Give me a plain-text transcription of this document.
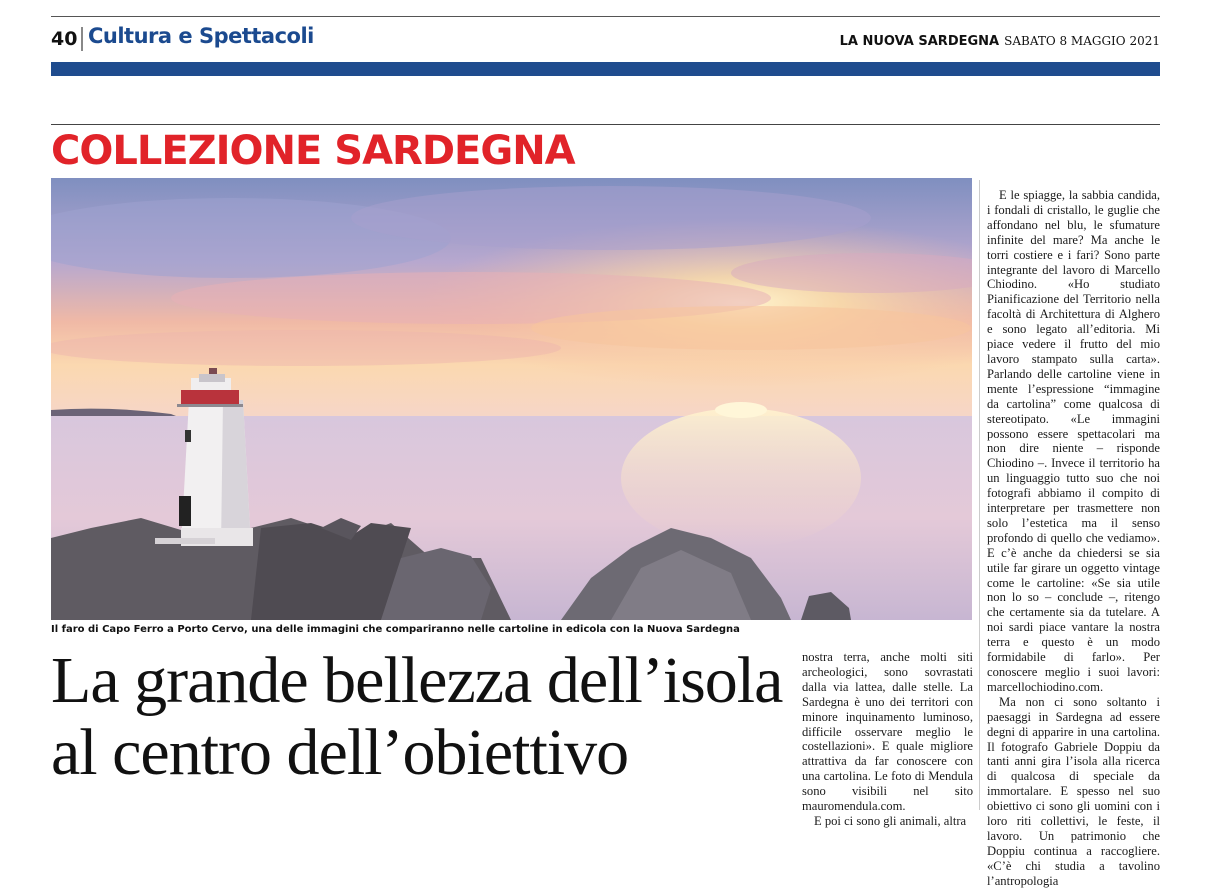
40 Cultura e Spettacoli	LA NUOVA SARDEGNA SABATO 8 MAGGIO 2021
COLLEZIONE SARDEGNA
Il faro di Capo Ferro a Porto Cervo, una delle immagini che compariranno nelle cartoline in edicola con la Nuova Sardegna
La grande bellezza dell’isola
al centro dell’obiettivo

nostra terra, anche molti siti archeologici, sono sovrastati dalla via lattea, dalle stelle. La Sardegna è uno dei territori con minore inquinamento luminoso, difficile osservare meglio le costellazioni». E quale migliore attrattiva da far conoscere con una cartolina. Le foto di Mendula sono visibili nel sito mauromendula.com.

E poi ci sono gli animali, altra

E le spiagge, la sabbia candida, i fondali di cristallo, le guglie che affondano nel blu, le sfumature infinite del mare? Ma anche le torri costiere e i fari? Sono parte integrante del lavoro di Marcello Chiodino. «Ho studiato Pianificazione del Territorio nella facoltà di Architettura di Alghero e sono legato all’editoria. Mi piace vedere il frutto del mio lavoro stampato sulla carta». Parlando delle cartoline viene in mente l’espressione “immagine da cartolina” come qualcosa di stereotipato. «Le immagini possono essere spettacolari ma non dire niente – risponde Chiodino –. Invece il territorio ha un linguaggio tutto suo che noi fotografi abbiamo il compito di interpretare per trasmettere non solo l’estetica ma il senso profondo di quello che vediamo». E c’è anche da chiedersi se sia utile far girare un oggetto vintage come le cartoline: «Se sia utile non lo so – conclude –, ritengo che certamente sia da tutelare. A noi sardi piace vantare la nostra terra e questo è un modo formidabile di farlo». Per conoscere meglio i suoi lavori: marcellochiodino.com.

Ma non ci sono soltanto i paesaggi in Sardegna ad essere degni di apparire in una cartolina. Il fotografo Gabriele Doppiu da tanti anni gira l’isola alla ricerca di qualcosa di speciale da immortalare. E spesso nel suo obiettivo ci sono gli uomini con i loro riti collettivi, le feste, il lavoro. Un patrimonio che Doppiu continua a raccogliere. «C’è chi studia a tavolino l’antropologia
